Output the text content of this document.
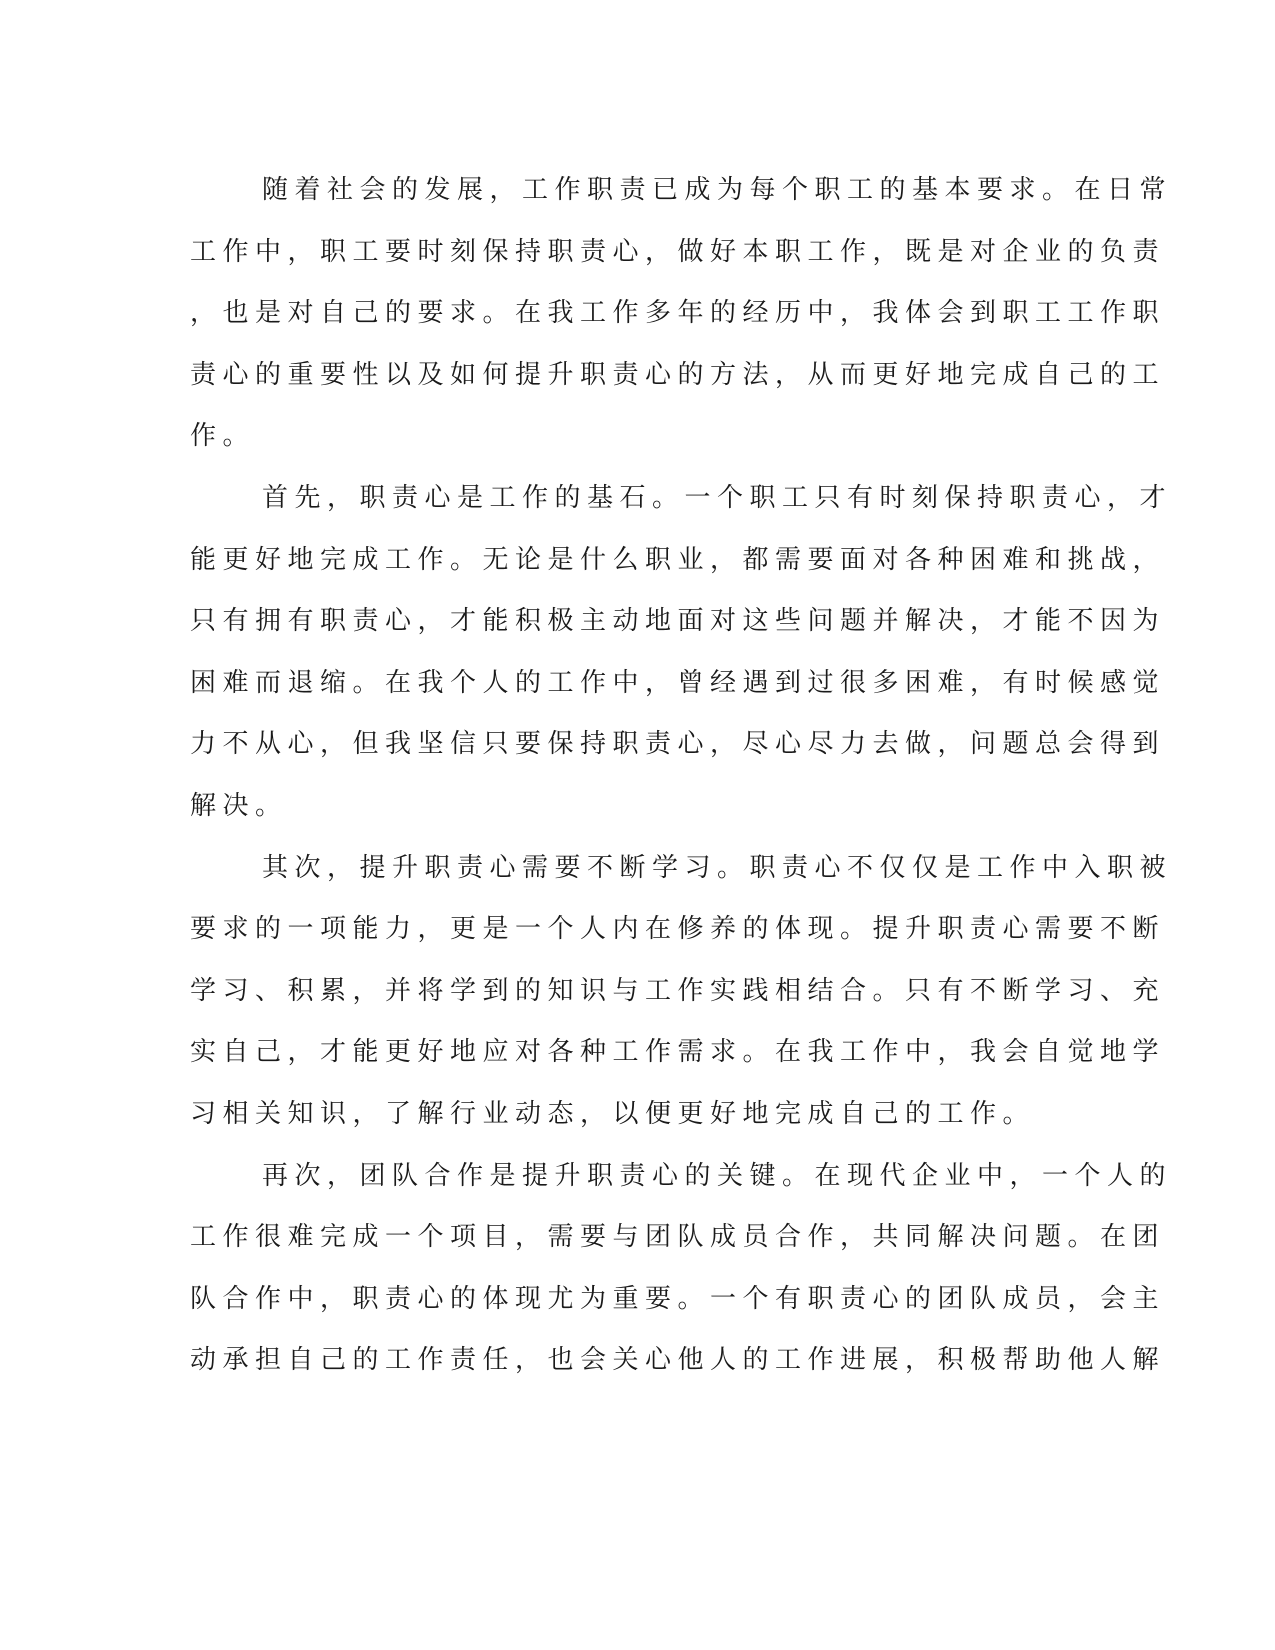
随着社会的发展，工作职责已成为每个职工的基本要求。在日常
工作中，职工要时刻保持职责心，做好本职工作，既是对企业的负责
，也是对自己的要求。在我工作多年的经历中，我体会到职工工作职
责心的重要性以及如何提升职责心的方法，从而更好地完成自己的工
作。
首先，职责心是工作的基石。一个职工只有时刻保持职责心，才
能更好地完成工作。无论是什么职业，都需要面对各种困难和挑战，
只有拥有职责心，才能积极主动地面对这些问题并解决，才能不因为
困难而退缩。在我个人的工作中，曾经遇到过很多困难，有时候感觉
力不从心，但我坚信只要保持职责心，尽心尽力去做，问题总会得到
解决。
其次，提升职责心需要不断学习。职责心不仅仅是工作中入职被
要求的一项能力，更是一个人内在修养的体现。提升职责心需要不断
学习、积累，并将学到的知识与工作实践相结合。只有不断学习、充
实自己，才能更好地应对各种工作需求。在我工作中，我会自觉地学
习相关知识，了解行业动态，以便更好地完成自己的工作。
再次，团队合作是提升职责心的关键。在现代企业中，一个人的
工作很难完成一个项目，需要与团队成员合作，共同解决问题。在团
队合作中，职责心的体现尤为重要。一个有职责心的团队成员，会主
动承担自己的工作责任，也会关心他人的工作进展，积极帮助他人解
